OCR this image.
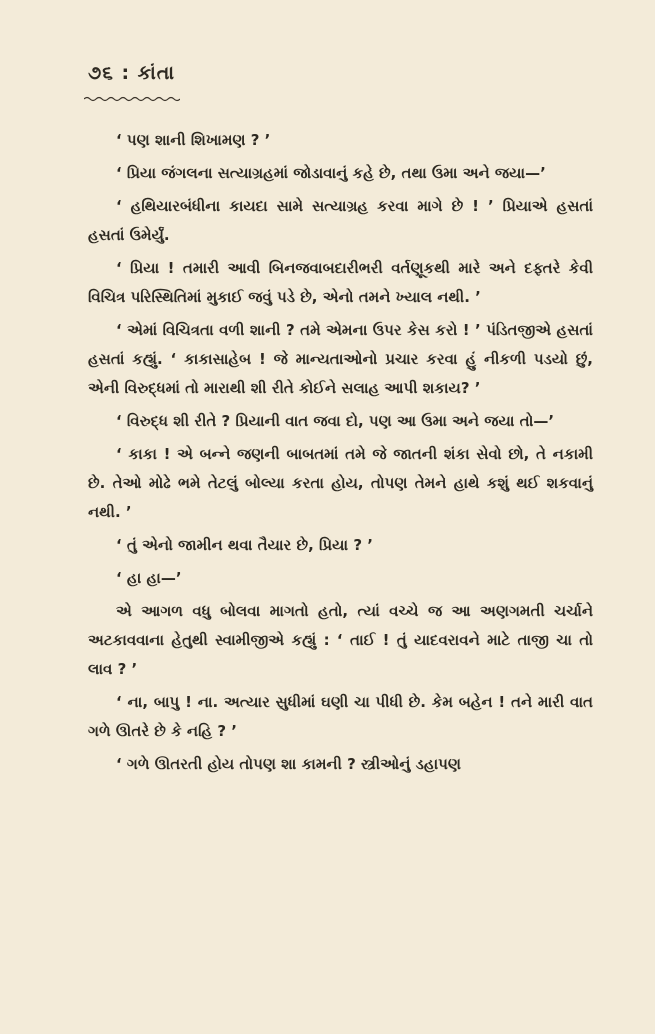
૭૬ : કાંતા

‘ પણ શાની શિખામણ ? ’

‘ પ્રિયા જંગલના સત્યાગ્રહમાં જોડાવાનું કહે છે, તથા ઉમા અને જયા—’

‘ હથિયારબંધીના કાયદા સામે સત્યાગ્રહ કરવા માગે છે ! ’ પ્રિયાએ હસતાં હસતાં ઉમેર્યું.

‘ પ્રિયા ! તમારી આવી બિનજવાબદારીભરી વર્તણૂકથી મારે અને દફ્તરે કેવી વિચિત્ર પરિસ્થિતિમાં મુકાઈ જવું પડે છે, એનો તમને ખ્યાલ નથી. ’

‘ એમાં વિચિત્રતા વળી શાની ? તમે એમના ઉપર કેસ કરો ! ’ પંડિતજીએ હસતાં હસતાં કહ્યું. ‘ કાકાસાહેબ ! જે માન્યતાઓનો પ્રચાર કરવા હું નીકળી પડયો છું, એની વિરુદ્ધમાં તો મારાથી શી રીતે કોઈને સલાહ આપી શકાય? ’

‘ વિરુદ્ધ શી રીતે ? પ્રિયાની વાત જવા દો, પણ આ ઉમા અને જયા તો—’

‘ કાકા ! એ બન્ને જણની બાબતમાં તમે જે જાતની શંકા સેવો છો, તે નકામી છે. તેઓ મોઢે ભમે તેટલું બોલ્યા કરતા હોય, તોપણ તેમને હાથે કશું થઈ શકવાનું નથી. ’

‘ તું એનો જામીન થવા તૈયાર છે, પ્રિયા ? ’

‘ હા હા—’

એ આગળ વધુ બોલવા માગતો હતો, ત્યાં વચ્ચે જ આ અણગમતી ચર્ચાને અટકાવવાના હેતુથી સ્વામીજીએ કહ્યું : ‘ તાઈ ! તું યાદવરાવને માટે તાજી ચા તો લાવ ? ’

‘ ના, બાપુ ! ના. અત્યાર સુધીમાં ઘણી ચા પીધી છે. કેમ બહેન ! તને મારી વાત ગળે ઊતરે છે કે નહિ ? ’

‘ ગળે ઊતરતી હોય તોપણ શા કામની ? સ્ત્રીઓનું ડહાપણ
